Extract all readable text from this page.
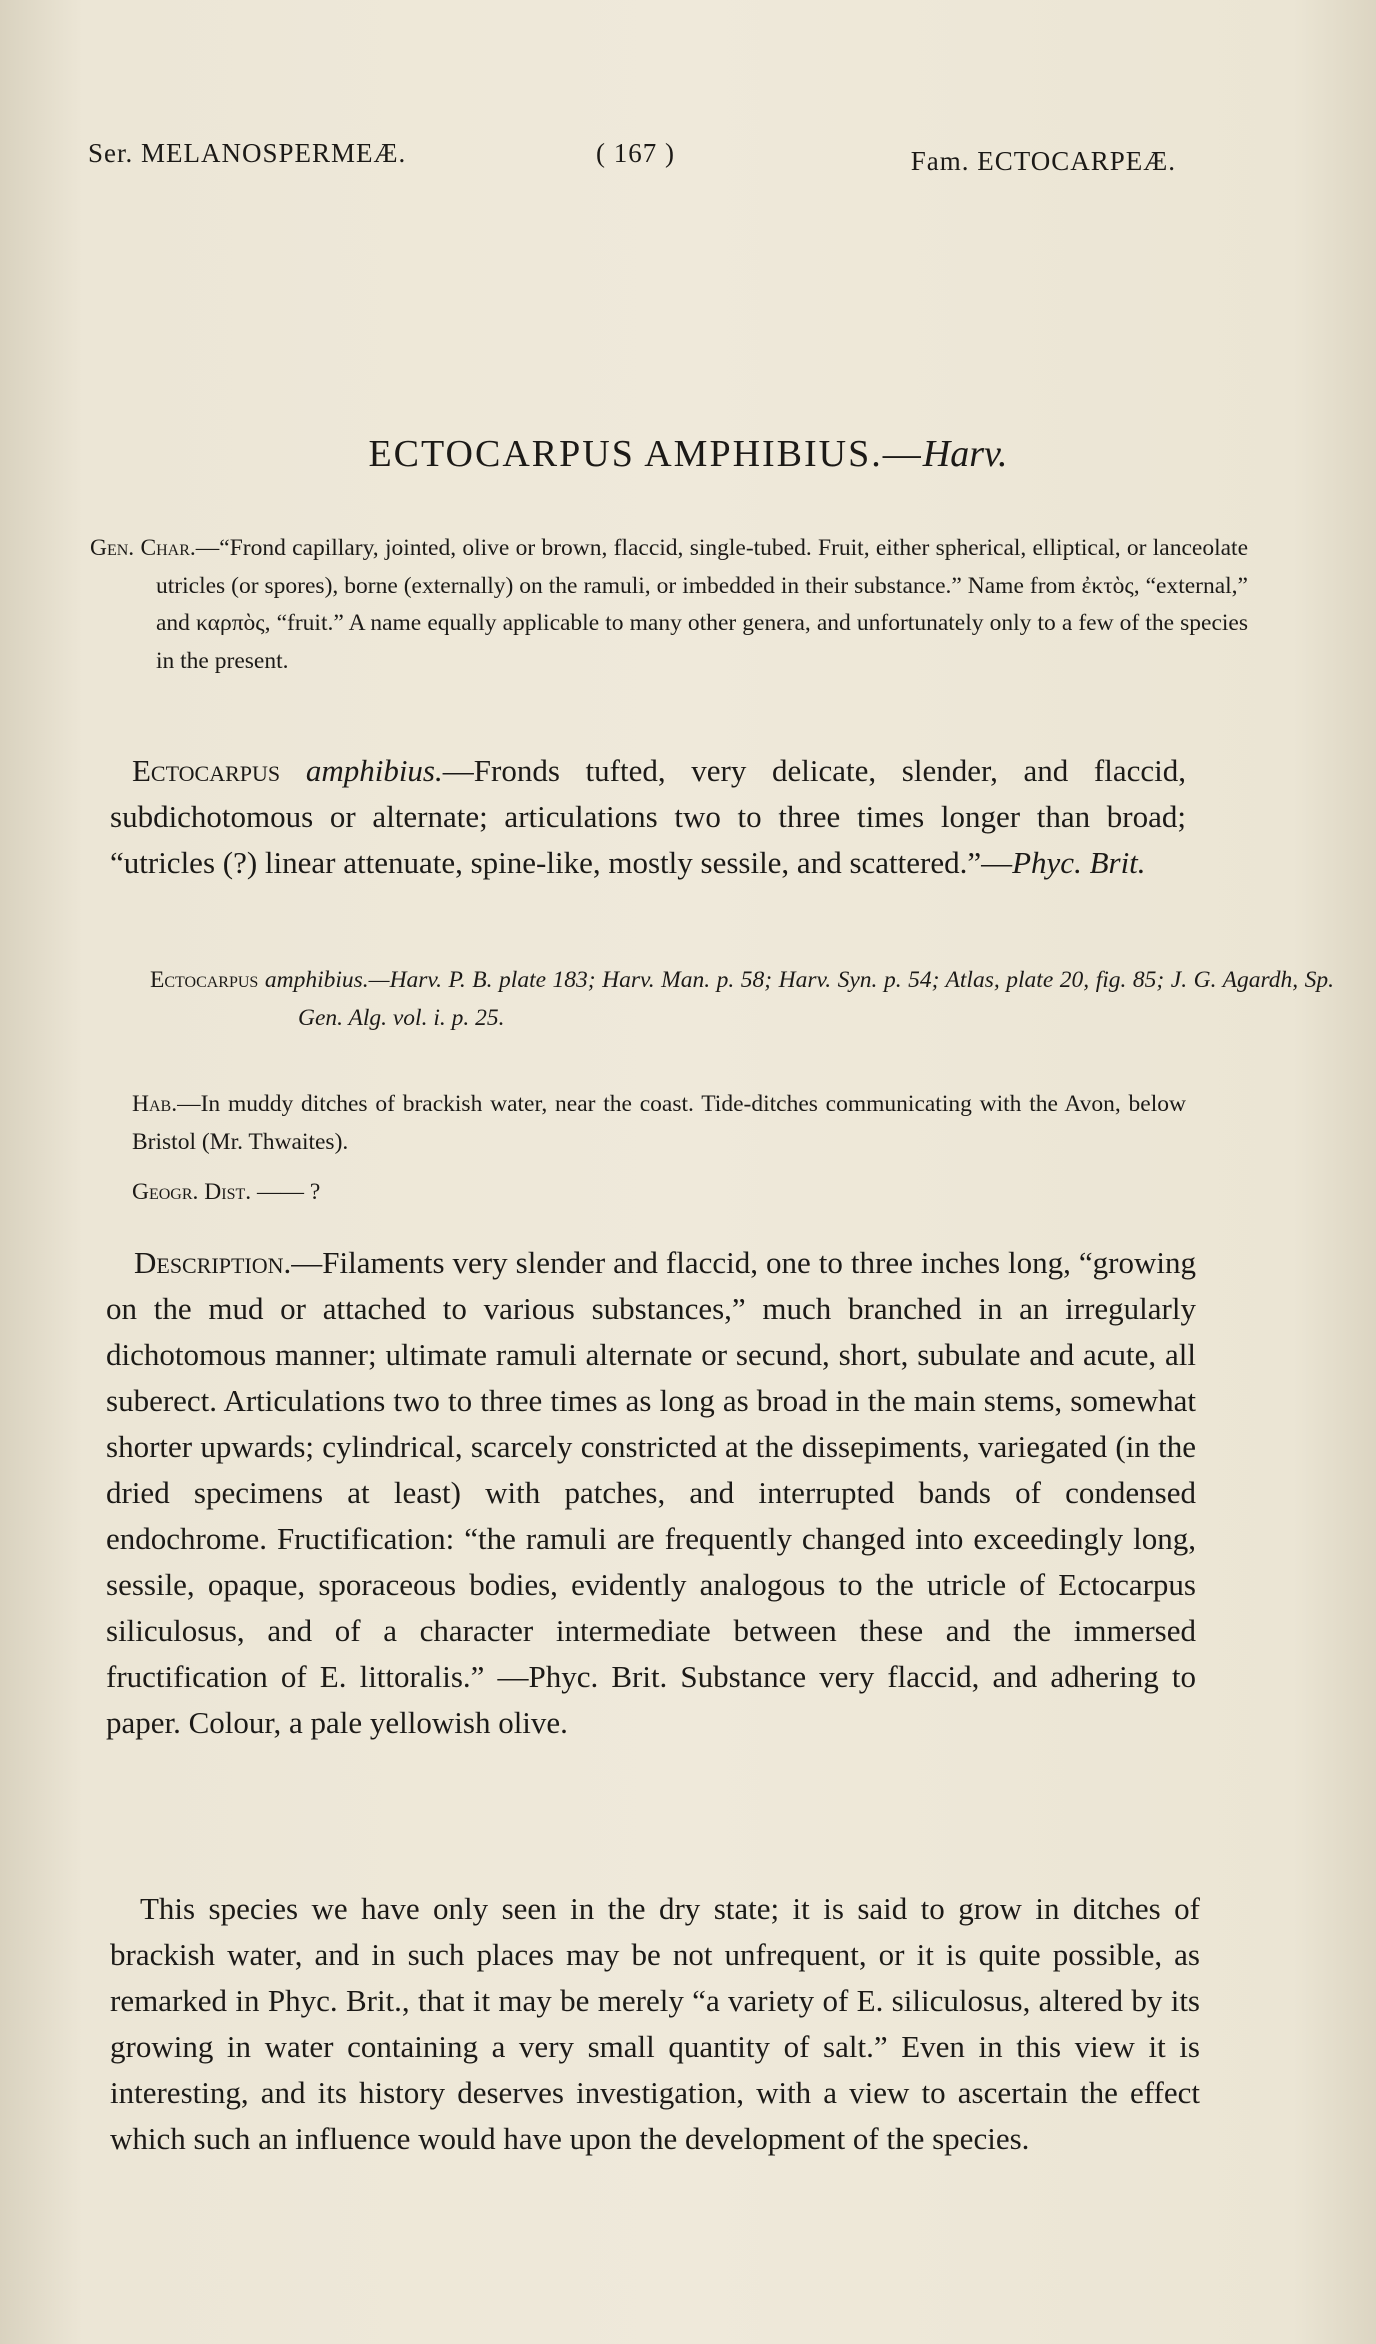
Ser. MELANOSPERMEÆ.	( 167 )	Fam. ECTOCARPEÆ.
ECTOCARPUS AMPHIBIUS.—Harv.
Gen. Char.—“Frond capillary, jointed, olive or brown, flaccid, single-tubed. Fruit, either spherical, elliptical, or lanceolate utricles (or spores), borne (externally) on the ramuli, or imbedded in their substance.” Name from ἐκτὸς, “external,” and καρπὸς, “fruit.” A name equally applicable to many other genera, and unfortunately only to a few of the species in the present.
Ectocarpus amphibius.—Fronds tufted, very delicate, slender, and flaccid, subdichotomous or alternate; articulations two to three times longer than broad; “utricles (?) linear attenuate, spine-like, mostly sessile, and scattered.”—Phyc. Brit.
Ectocarpus amphibius.—Harv. P. B. plate 183; Harv. Man. p. 58; Harv. Syn. p. 54; Atlas, plate 20, fig. 85; J. G. Agardh, Sp. Gen. Alg. vol. i. p. 25.
Hab.—In muddy ditches of brackish water, near the coast. Tide-ditches communicating with the Avon, below Bristol (Mr. Thwaites).
Geogr. Dist. —— ?
Description.—Filaments very slender and flaccid, one to three inches long, “growing on the mud or attached to various substances,” much branched in an irregularly dichotomous manner; ultimate ramuli alternate or secund, short, subulate and acute, all suberect. Articulations two to three times as long as broad in the main stems, somewhat shorter upwards; cylindrical, scarcely constricted at the dissepiments, variegated (in the dried specimens at least) with patches, and interrupted bands of condensed endochrome. Fructification: “the ramuli are frequently changed into exceedingly long, sessile, opaque, sporaceous bodies, evidently analogous to the utricle of Ectocarpus siliculosus, and of a character intermediate between these and the immersed fructification of E. littoralis.” —Phyc. Brit. Substance very flaccid, and adhering to paper. Colour, a pale yellowish olive.
This species we have only seen in the dry state; it is said to grow in ditches of brackish water, and in such places may be not unfrequent, or it is quite possible, as remarked in Phyc. Brit., that it may be merely “a variety of E. siliculosus, altered by its growing in water containing a very small quantity of salt.” Even in this view it is interesting, and its history deserves investigation, with a view to ascertain the effect which such an influence would have upon the development of the species.
